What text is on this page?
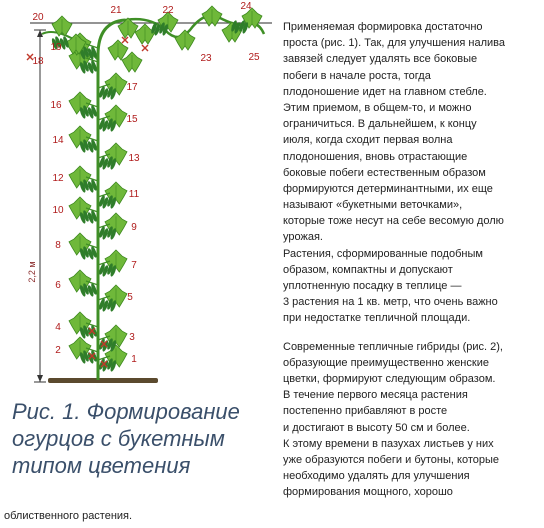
2,2 м
1
2
3
4
5
6
7
8
9
10
11
12
13
14
15
16
17
18
19
20
21	22
23
24
25
Рис. 1. Формирование
огурцов с букетным
типом цветения
Применяемая формировка достаточно
проста (рис. 1). Так, для улучшения налива
завязей следует удалять все боковые
побеги в начале роста, тогда
плодоношение идет на главном стебле.
Этим приемом, в общем-то, и можно
ограничиться. В дальнейшем, к концу
июля, когда сходит первая волна
плодоношения, вновь отрастающие
боковые побеги естественным образом
формируются детерминантными, их еще
называют «букетными веточками»,
которые тоже несут на себе весомую долю
урожая.
Растения, сформированные подобным
образом, компактны и допускают
уплотненную посадку в теплице —
3 растения на 1 кв. метр, что очень важно
при недостатке тепличной площади.
Современные тепличные гибриды (рис. 2),
образующие преимущественно женские
цветки, формируют следующим образом.
В течение первого месяца растения
постепенно прибавляют в росте
и достигают в высоту 50 см и более.
К этому времени в пазухах листьев у них
уже образуются побеги и бутоны, которые
необходимо удалять для улучшения
формирования мощного, хорошо
облиственного растения.
